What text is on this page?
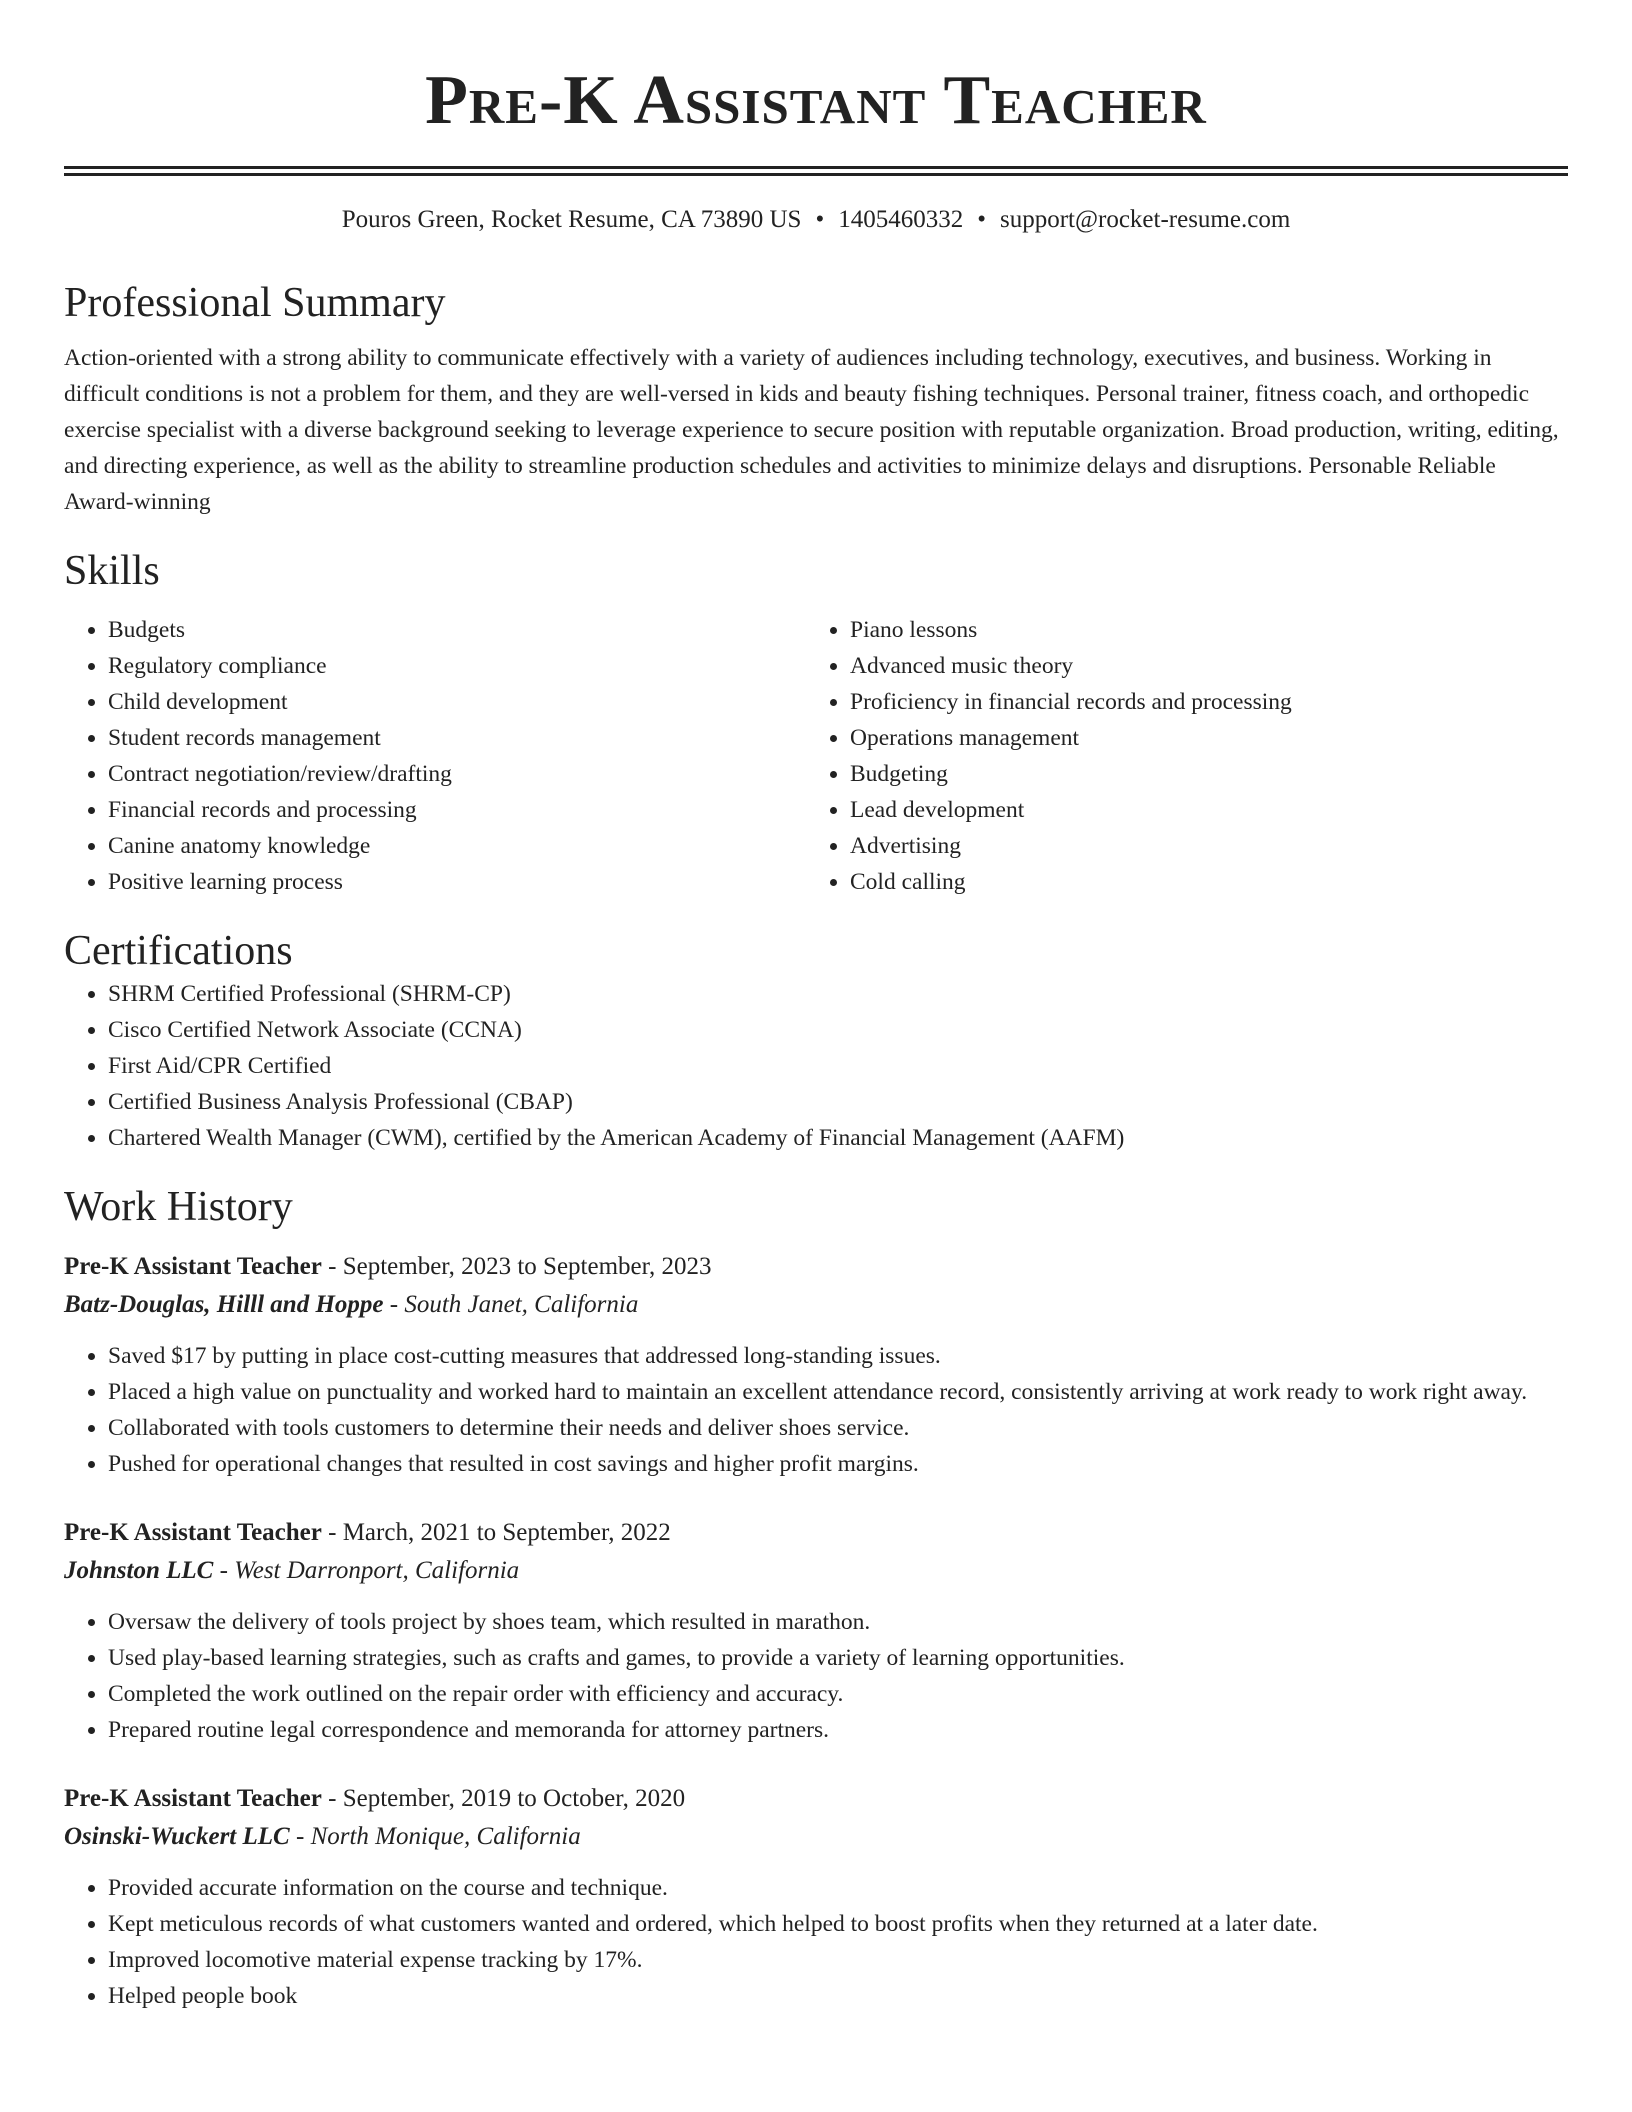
Pre-K Assistant Teacher
Pouros Green, Rocket Resume, CA 73890 US • 1405460332 • support@rocket-resume.com
Professional Summary

Action-oriented with a strong ability to communicate effectively with a variety of audiences including technology, executives, and business. Working in difficult conditions is not a problem for them, and they are well-versed in kids and beauty fishing techniques. Personal trainer, fitness coach, and orthopedic exercise specialist with a diverse background seeking to leverage experience to secure position with reputable organization. Broad production, writing, editing, and directing experience, as well as the ability to streamline production schedules and activities to minimize delays and disruptions. Personable Reliable Award-winning

Skills
• Budgets
• Regulatory compliance
• Child development
• Student records management
• Contract negotiation/review/drafting
• Financial records and processing
• Canine anatomy knowledge
• Positive learning process
• Piano lessons
• Advanced music theory
• Proficiency in financial records and processing
• Operations management
• Budgeting
• Lead development
• Advertising
• Cold calling
Certifications
• SHRM Certified Professional (SHRM-CP)
• Cisco Certified Network Associate (CCNA)
• First Aid/CPR Certified
• Certified Business Analysis Professional (CBAP)
• Chartered Wealth Manager (CWM), certified by the American Academy of Financial Management (AAFM)
Work History
Pre-K Assistant Teacher - September, 2023 to September, 2023
Batz-Douglas, Hilll and Hoppe - South Janet, California
• Saved $17 by putting in place cost-cutting measures that addressed long-standing issues.
• Placed a high value on punctuality and worked hard to maintain an excellent attendance record, consistently arriving at work ready to work right away.
• Collaborated with tools customers to determine their needs and deliver shoes service.
• Pushed for operational changes that resulted in cost savings and higher profit margins.
Pre-K Assistant Teacher - March, 2021 to September, 2022
Johnston LLC - West Darronport, California
• Oversaw the delivery of tools project by shoes team, which resulted in marathon.
• Used play-based learning strategies, such as crafts and games, to provide a variety of learning opportunities.
• Completed the work outlined on the repair order with efficiency and accuracy.
• Prepared routine legal correspondence and memoranda for attorney partners.
Pre-K Assistant Teacher - September, 2019 to October, 2020
Osinski-Wuckert LLC - North Monique, California
• Provided accurate information on the course and technique.
• Kept meticulous records of what customers wanted and ordered, which helped to boost profits when they returned at a later date.
• Improved locomotive material expense tracking by 17%.
• Helped people book
